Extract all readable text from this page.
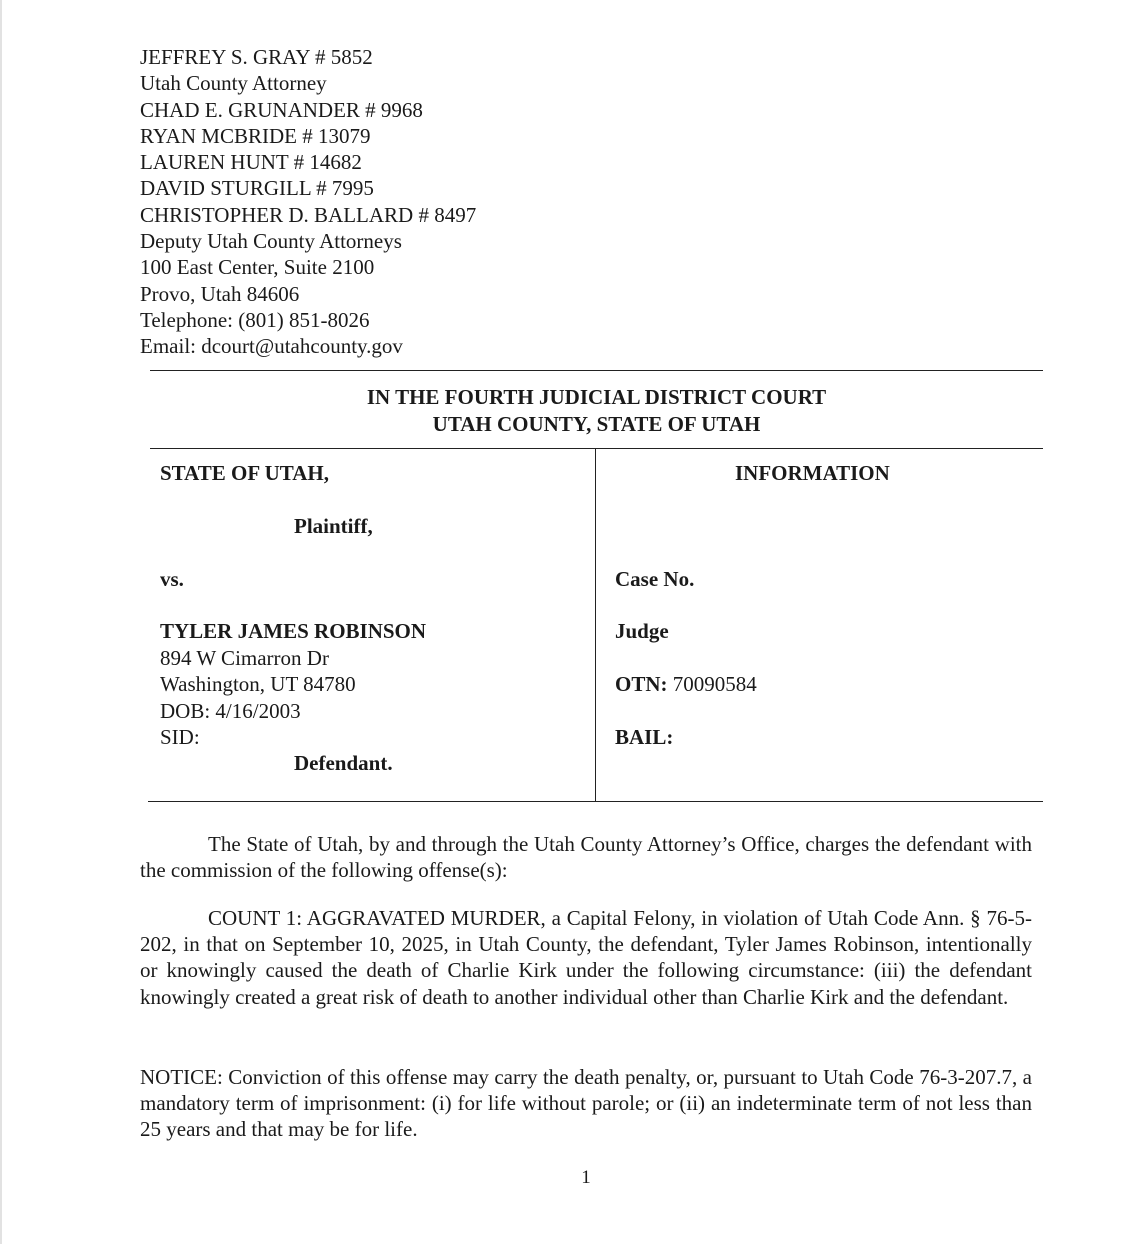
JEFFREY S. GRAY # 5852
Utah County Attorney
CHAD E. GRUNANDER # 9968
RYAN MCBRIDE # 13079
LAUREN HUNT # 14682
DAVID STURGILL # 7995
CHRISTOPHER D. BALLARD # 8497
Deputy Utah County Attorneys
100 East Center, Suite 2100
Provo, Utah 84606
Telephone: (801) 851-8026
Email: dcourt@utahcounty.gov
IN THE FOURTH JUDICIAL DISTRICT COURT
UTAH COUNTY, STATE OF UTAH
STATE OF UTAH,
Plaintiff,
vs.
TYLER JAMES ROBINSON
894 W Cimarron Dr
Washington, UT 84780
DOB: 4/16/2003
SID:
Defendant.
INFORMATION
Case No.
Judge
OTN: 70090584
BAIL:
The State of Utah, by and through the Utah County Attorney’s Office, charges the defendant with the commission of the following offense(s):
COUNT 1: AGGRAVATED MURDER, a Capital Felony, in violation of Utah Code Ann. § 76-5-202, in that on September 10, 2025, in Utah County, the defendant, Tyler James Robinson, intentionally or knowingly caused the death of Charlie Kirk under the following circumstance: (iii) the defendant knowingly created a great risk of death to another individual other than Charlie Kirk and the defendant.
NOTICE: Conviction of this offense may carry the death penalty, or, pursuant to Utah Code 76-3-207.7, a mandatory term of imprisonment: (i) for life without parole; or (ii) an indeterminate term of not less than 25 years and that may be for life.
1
